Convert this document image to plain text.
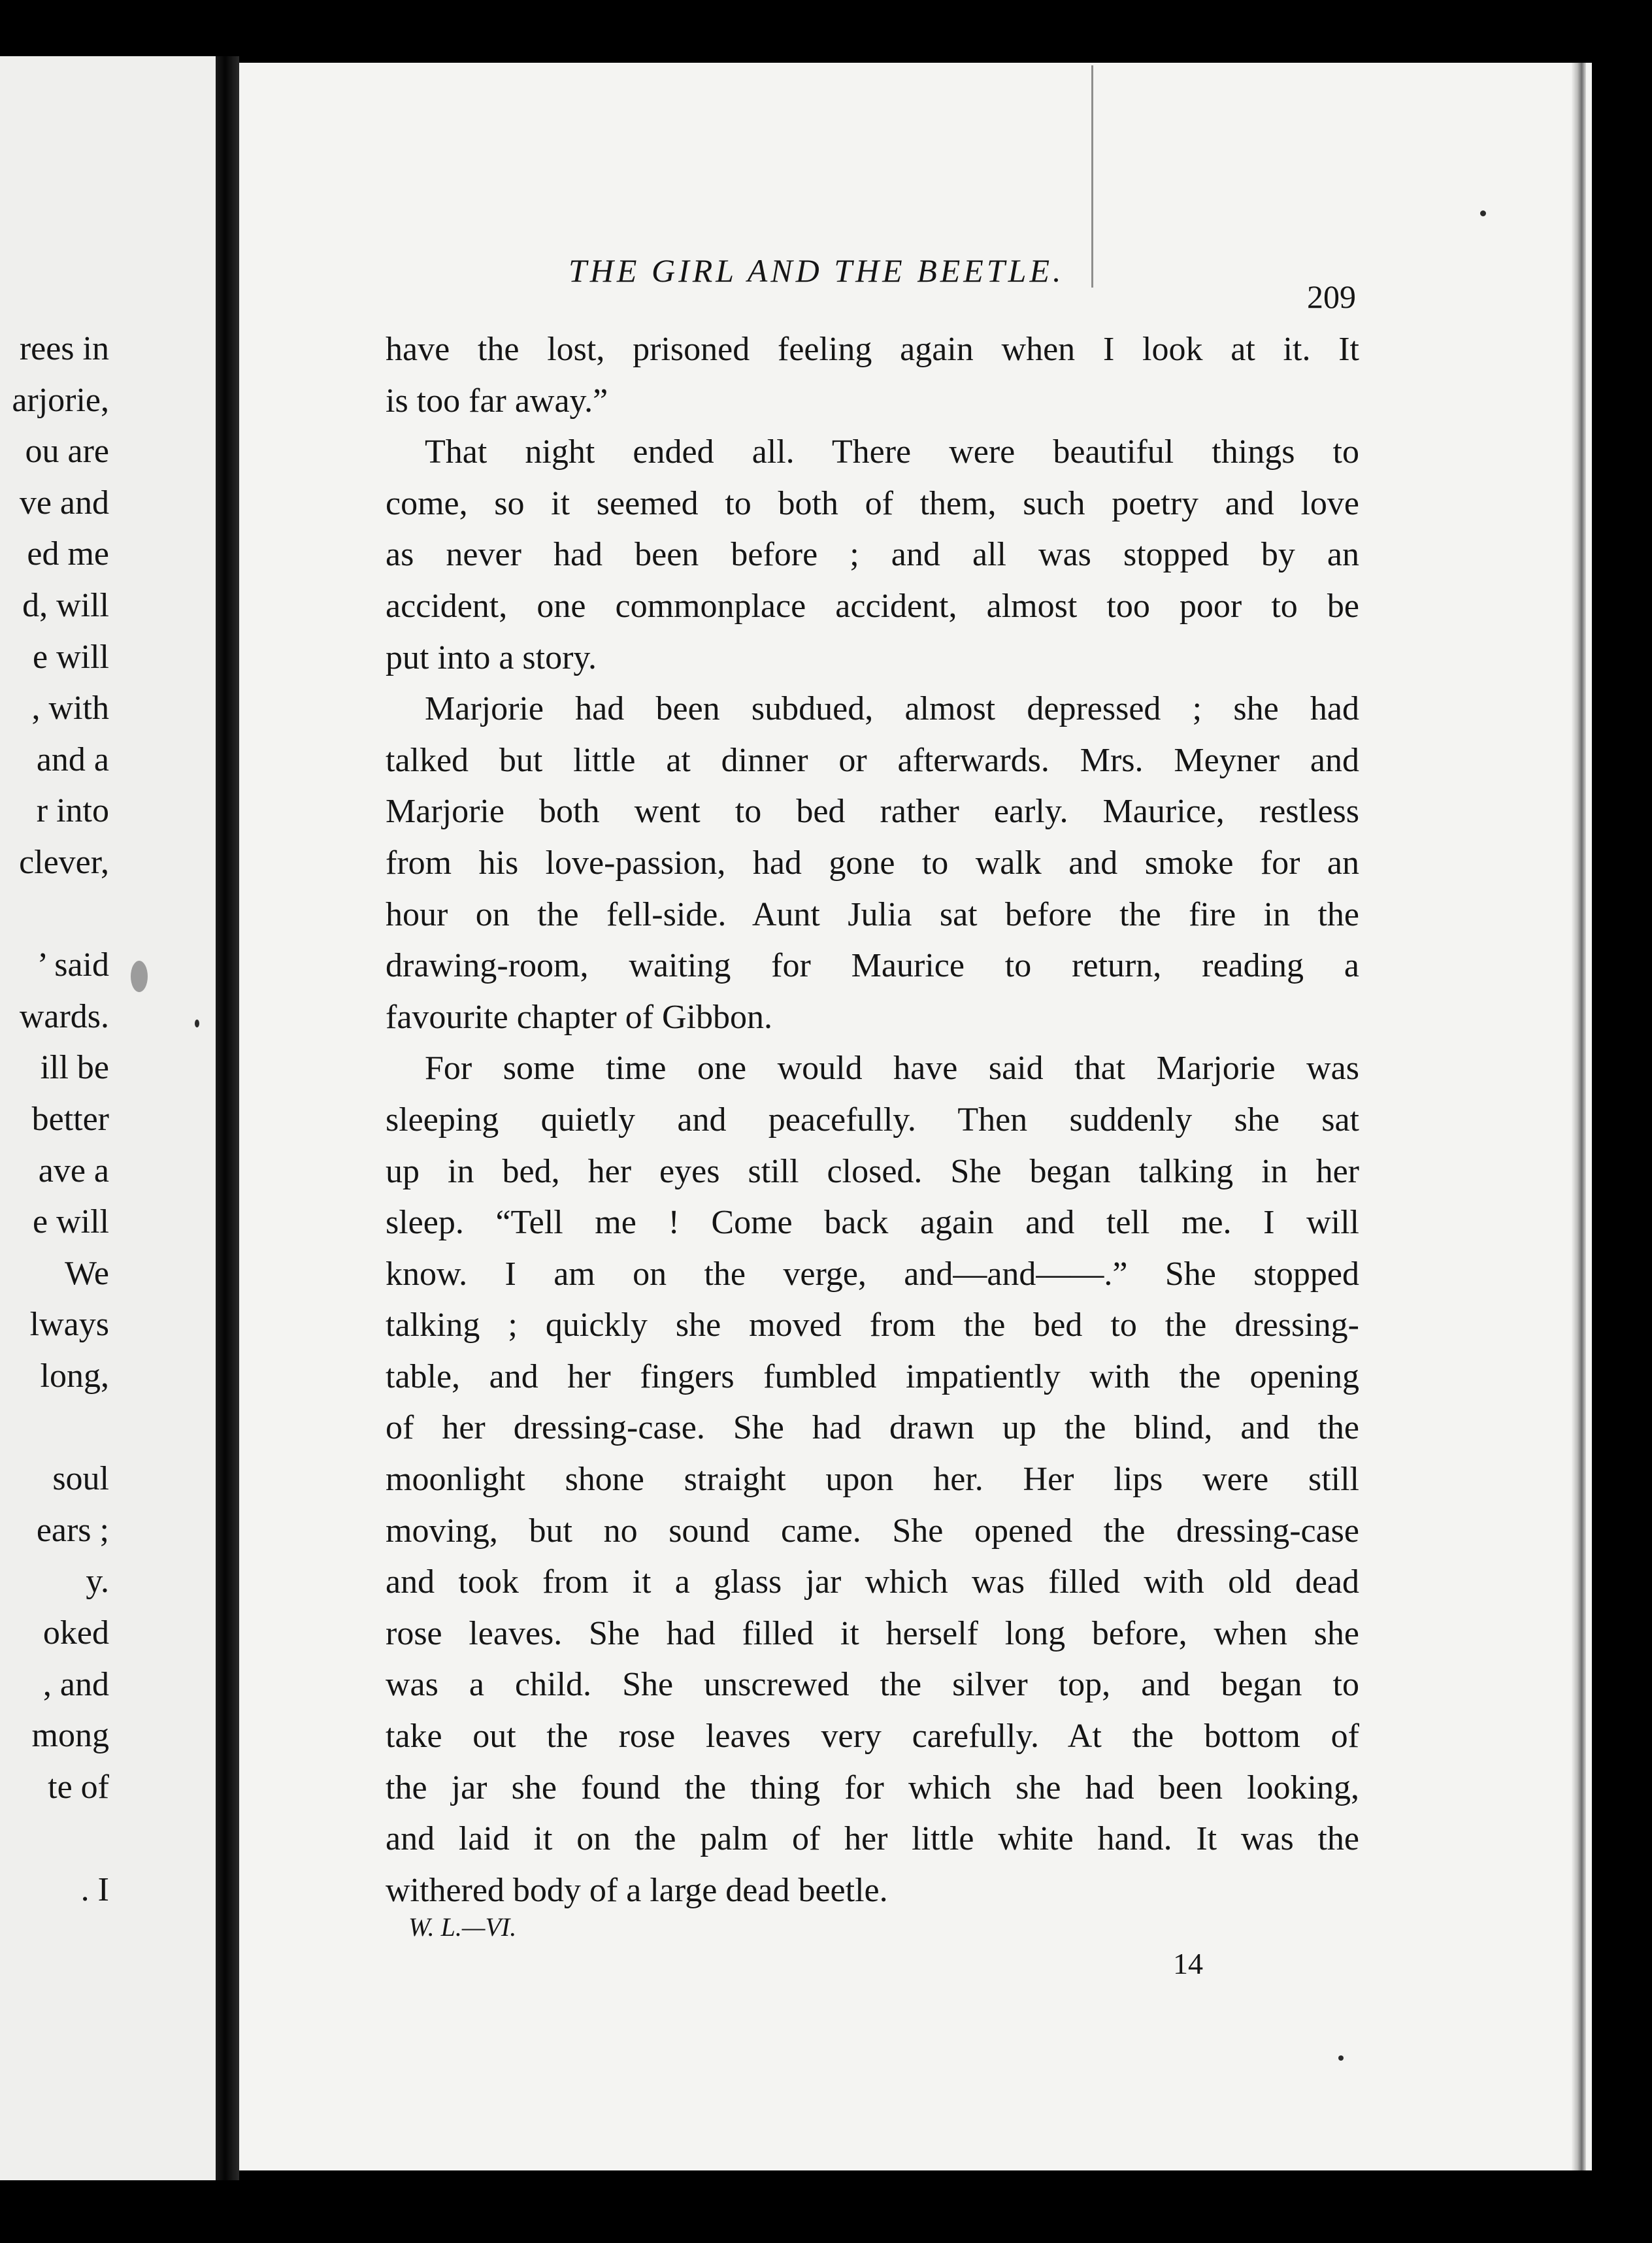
rees in
arjorie,
ou are
ve and
ed me
d, will
e will
, with
and a
r into
clever,
’ said
wards.
ill be
better
ave a
e will
We
lways
long,
soul
ears ;
y.
oked
, and
mong
te of
. I
THE GIRL AND THE BEETLE.
209
have the lost, prisoned feeling again when I look at it. It
is too far away.”
That night ended all. There were beautiful things to
come, so it seemed to both of them, such poetry and love
as never had been before ; and all was stopped by an
accident, one commonplace accident, almost too poor to be
put into a story.
Marjorie had been subdued, almost depressed ; she had
talked but little at dinner or afterwards. Mrs. Meyner and
Marjorie both went to bed rather early. Maurice, restless
from his love-passion, had gone to walk and smoke for an
hour on the fell-side. Aunt Julia sat before the fire in the
drawing-room, waiting for Maurice to return, reading a
favourite chapter of Gibbon.
For some time one would have said that Marjorie was
sleeping quietly and peacefully. Then suddenly she sat
up in bed, her eyes still closed. She began talking in her
sleep. “Tell me ! Come back again and tell me. I will
know. I am on the verge, and—and——.” She stopped
talking ; quickly she moved from the bed to the dressing-
table, and her fingers fumbled impatiently with the opening
of her dressing-case. She had drawn up the blind, and the
moonlight shone straight upon her. Her lips were still
moving, but no sound came. She opened the dressing-case
and took from it a glass jar which was filled with old dead
rose leaves. She had filled it herself long before, when she
was a child. She unscrewed the silver top, and began to
take out the rose leaves very carefully. At the bottom of
the jar she found the thing for which she had been looking,
and laid it on the palm of her little white hand. It was the
withered body of a large dead beetle.
W. L.—VI.
14
